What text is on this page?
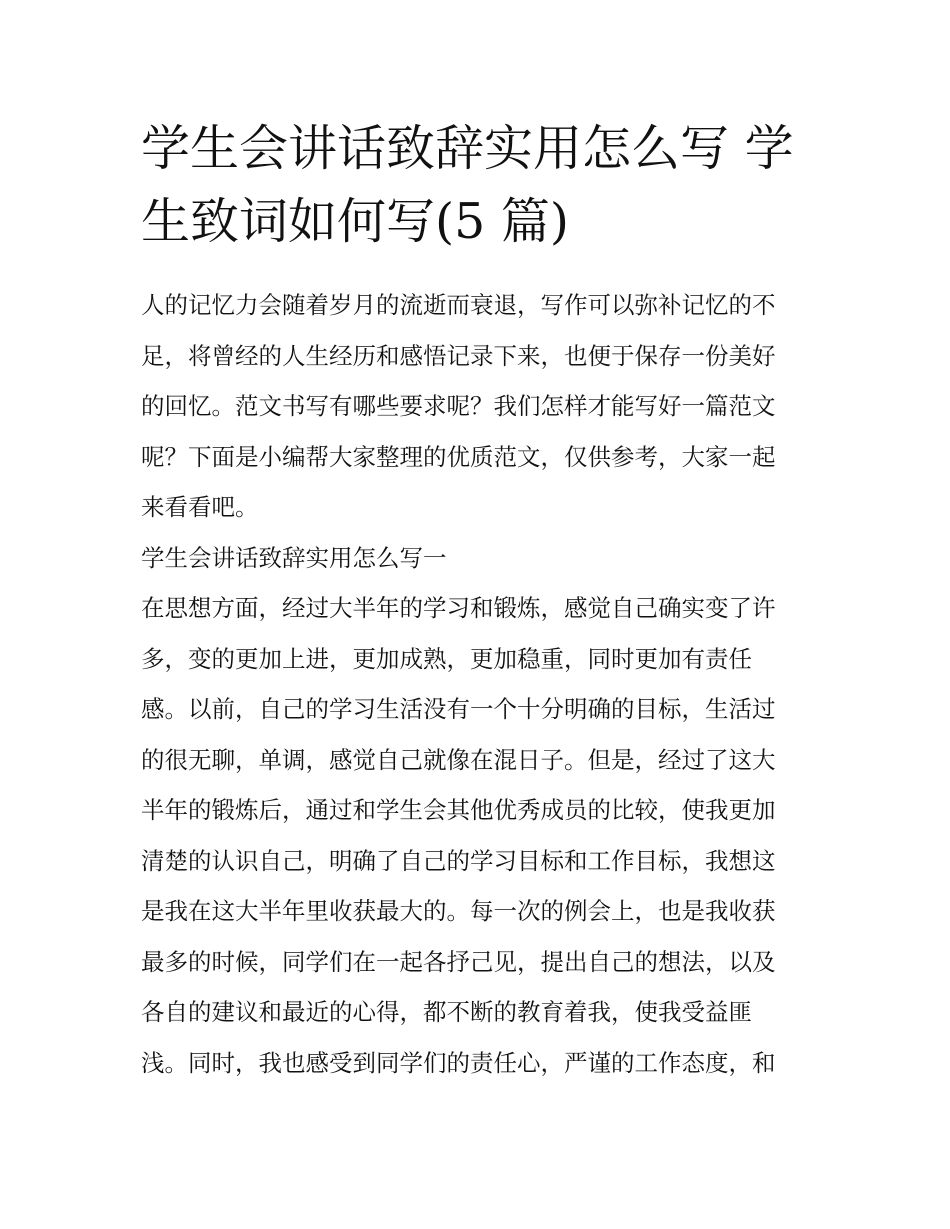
学生会讲话致辞实用怎么写 学
生致词如何写(5 篇)

人的记忆力会随着岁月的流逝而衰退，写作可以弥补记忆的不
足，将曾经的人生经历和感悟记录下来，也便于保存一份美好
的回忆。范文书写有哪些要求呢？我们怎样才能写好一篇范文
呢？下面是小编帮大家整理的优质范文，仅供参考，大家一起
来看看吧。

学生会讲话致辞实用怎么写一

在思想方面，经过大半年的学习和锻炼，感觉自己确实变了许
多，变的更加上进，更加成熟，更加稳重，同时更加有责任
感。以前，自己的学习生活没有一个十分明确的目标，生活过
的很无聊，单调，感觉自己就像在混日子。但是，经过了这大
半年的锻炼后，通过和学生会其他优秀成员的比较，使我更加
清楚的认识自己，明确了自己的学习目标和工作目标，我想这
是我在这大半年里收获最大的。每一次的例会上，也是我收获
最多的时候，同学们在一起各抒己见，提出自己的想法，以及
各自的建议和最近的心得，都不断的教育着我，使我受益匪
浅。同时，我也感受到同学们的责任心，严谨的工作态度，和
